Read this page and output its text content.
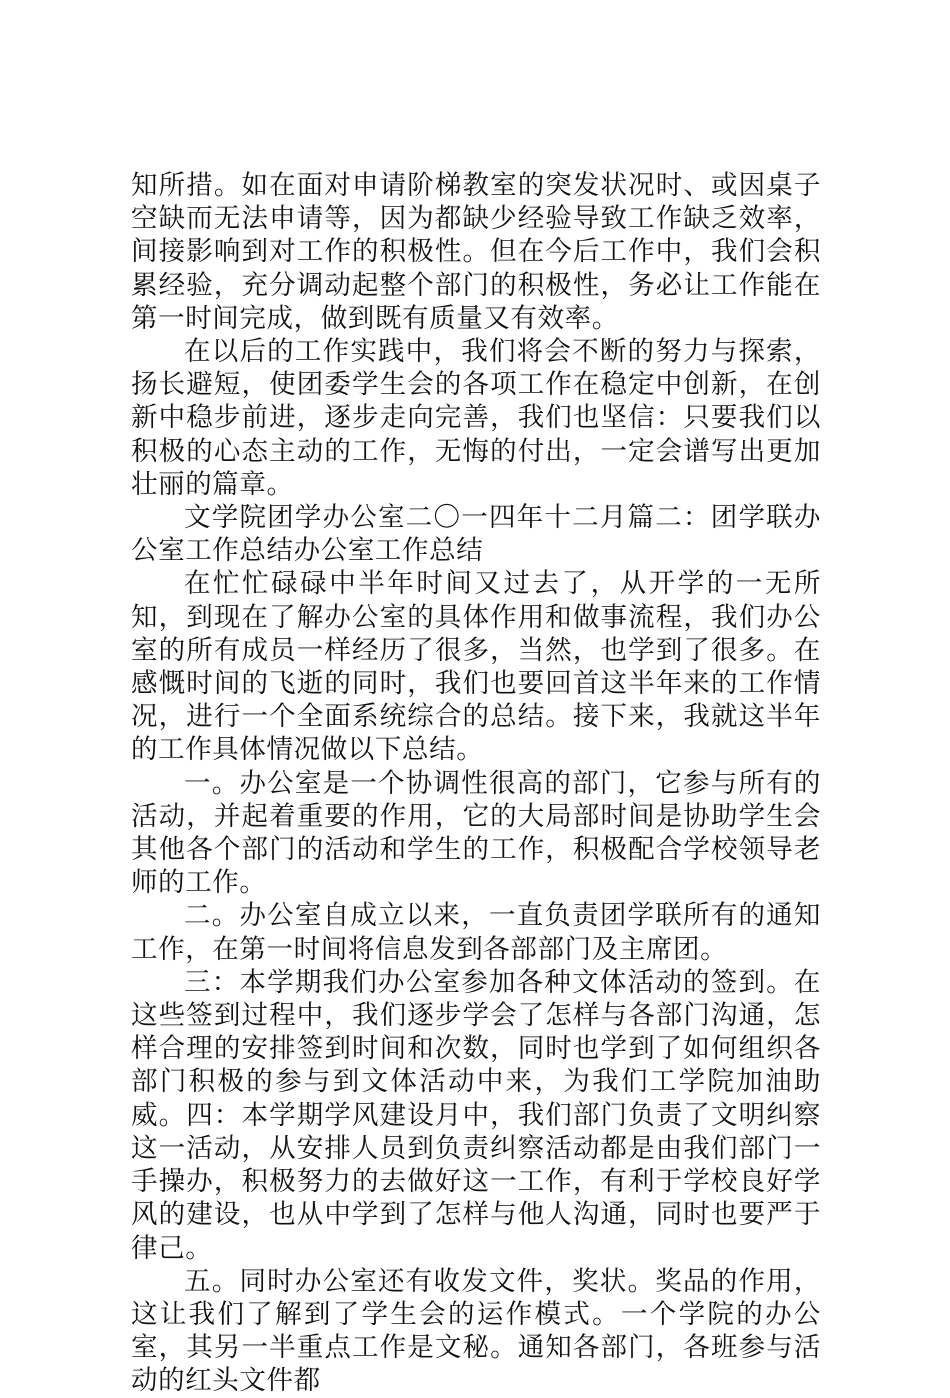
知所措。如在面对申请阶梯教室的突发状况时、或因桌子空缺而无法申请等，因为都缺少经验导致工作缺乏效率，间接影响到对工作的积极性。但在今后工作中，我们会积累经验，充分调动起整个部门的积极性，务必让工作能在第一时间完成，做到既有质量又有效率。

在以后的工作实践中，我们将会不断的努力与探索，扬长避短，使团委学生会的各项工作在稳定中创新，在创新中稳步前进，逐步走向完善，我们也坚信：只要我们以积极的心态主动的工作，无悔的付出，一定会谱写出更加壮丽的篇章。

文学院团学办公室二〇一四年十二月篇二：团学联办公室工作总结办公室工作总结

在忙忙碌碌中半年时间又过去了，从开学的一无所知，到现在了解办公室的具体作用和做事流程，我们办公室的所有成员一样经历了很多，当然，也学到了很多。在感慨时间的飞逝的同时，我们也要回首这半年来的工作情况，进行一个全面系统综合的总结。接下来，我就这半年的工作具体情况做以下总结。

一。办公室是一个协调性很高的部门，它参与所有的活动，并起着重要的作用，它的大局部时间是协助学生会其他各个部门的活动和学生的工作，积极配合学校领导老师的工作。

二。办公室自成立以来，一直负责团学联所有的通知工作，在第一时间将信息发到各部部门及主席团。

三：本学期我们办公室参加各种文体活动的签到。在这些签到过程中，我们逐步学会了怎样与各部门沟通，怎样合理的安排签到时间和次数，同时也学到了如何组织各部门积极的参与到文体活动中来，为我们工学院加油助威。四：本学期学风建设月中，我们部门负责了文明纠察这一活动，从安排人员到负责纠察活动都是由我们部门一手操办，积极努力的去做好这一工作，有利于学校良好学风的建设，也从中学到了怎样与他人沟通，同时也要严于律己。

五。同时办公室还有收发文件，奖状。奖品的作用，这让我们了解到了学生会的运作模式。一个学院的办公室，其另一半重点工作是文秘。通知各部门，各班参与活动的红头文件都
